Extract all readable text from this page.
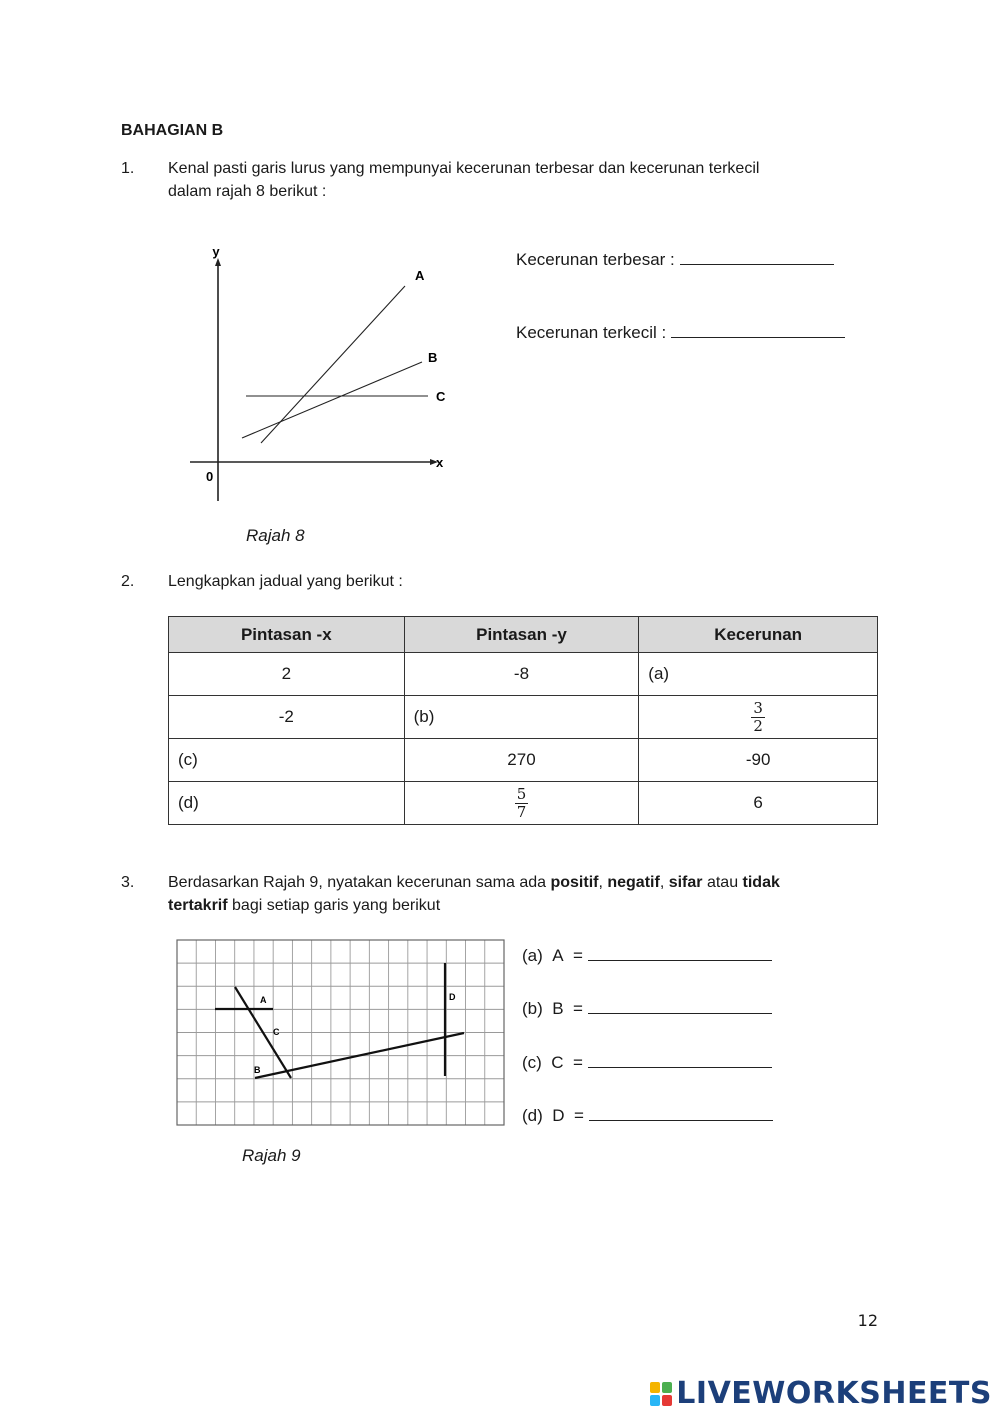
BAHAGIAN B
1. Kenal pasti garis lurus yang mempunyai kecerunan terbesar dan kecerunan terkecil
dalam rajah 8 berikut :
y
x
0
A
B
C
Rajah 8
Kecerunan terbesar :
Kecerunan terkecil :
2. Lengkapkan jadual yang berikut :
Pintasan -x	Pintasan -y	Kecerunan
2	-8	(a)
-2	(b)	$\frac{3}{2}$

(c)	270	-90
(d)	$\frac{5}{7}$	6
3. Berdasarkan Rajah 9, nyatakan kecerunan sama ada positif, negatif, sifar atau tidak
tertakrif bagi setiap garis yang berikut
A
B
C
D
Rajah 9
(a) A =
(b) B =
(c) C =
(d) D =
12
LIVEWORKSHEETS
